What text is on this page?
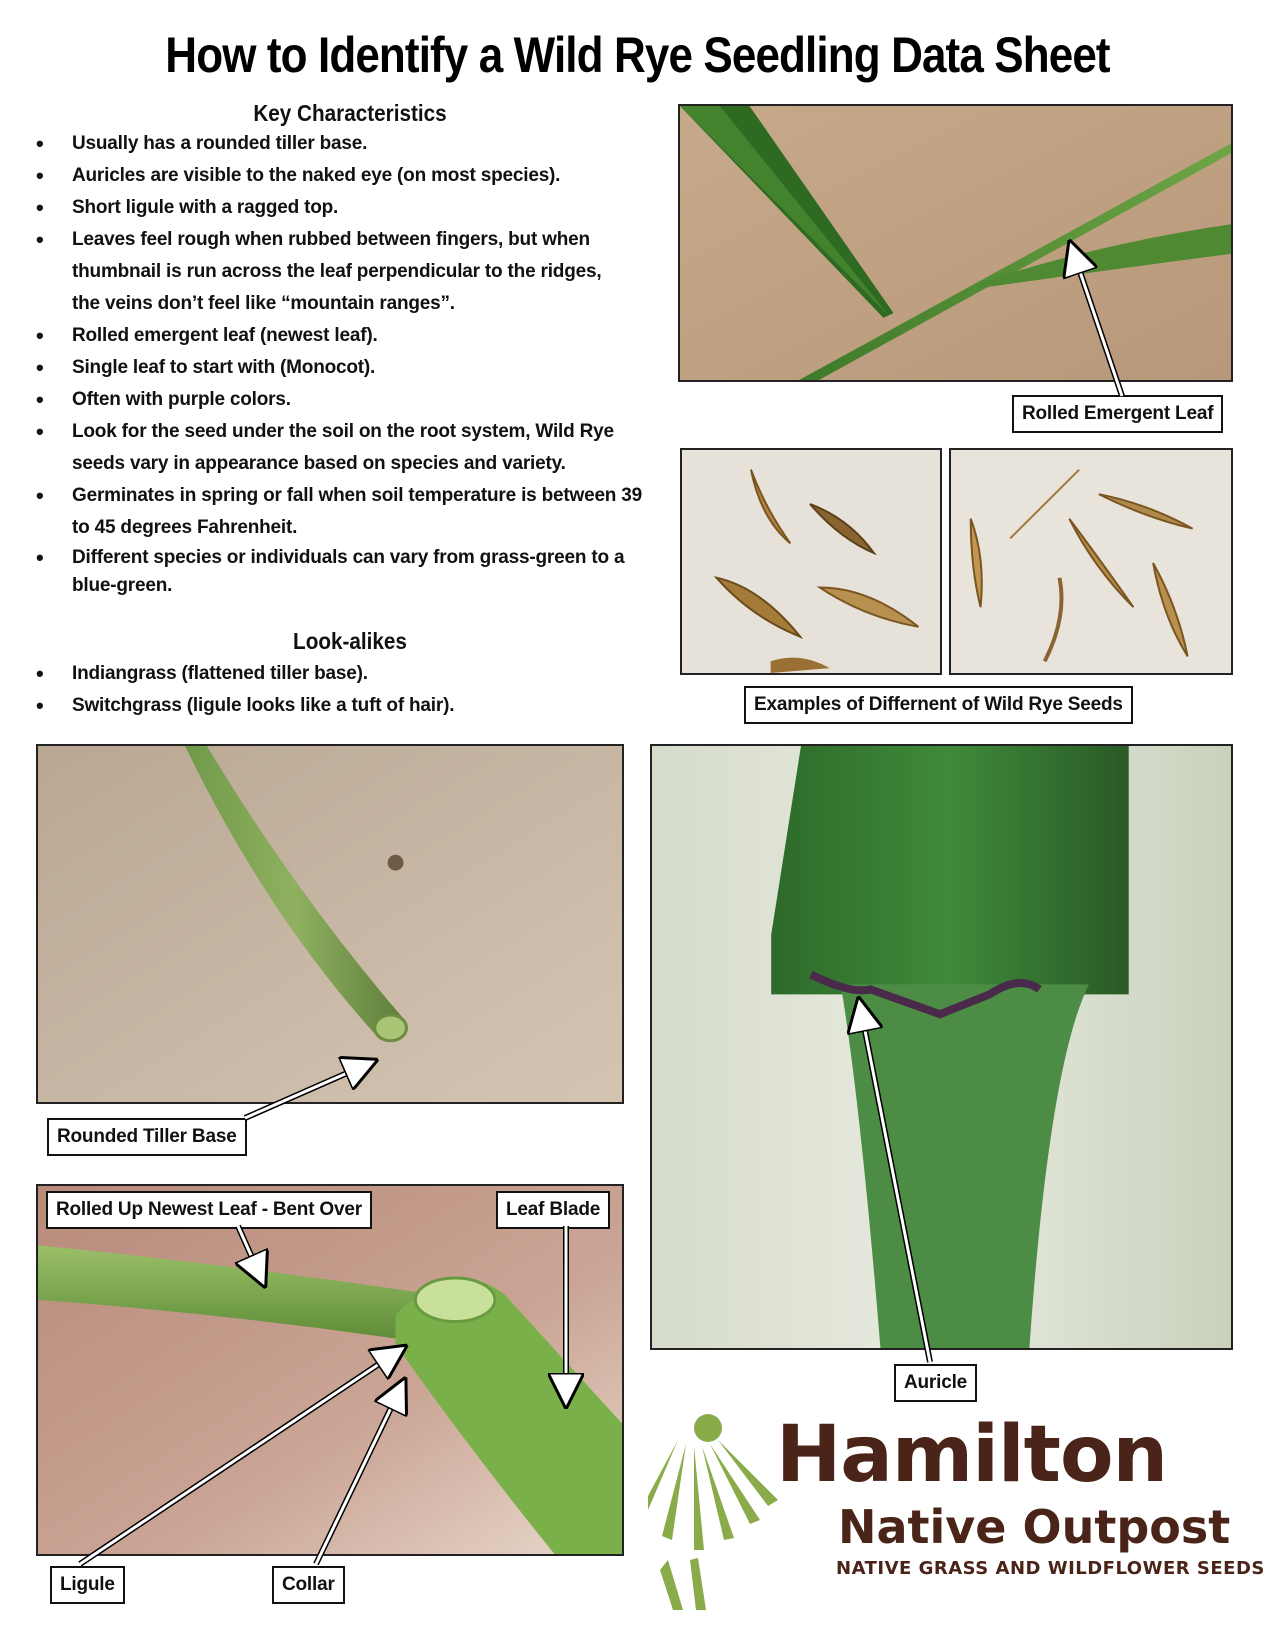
How to Identify a Wild Rye Seedling Data Sheet
Key Characteristics
• Usually has a rounded tiller base.
• Auricles are visible to the naked eye (on most species).
• Short ligule with a ragged top.
• Leaves feel rough when rubbed between fingers, but when thumbnail is run across the leaf perpendicular to the ridges, the veins don’t feel like “mountain ranges”.
• Rolled emergent leaf (newest leaf).
• Single leaf to start with (Monocot).
• Often with purple colors.
• Look for the seed under the soil on the root system, Wild Rye seeds vary in appearance based on species and variety.
• Germinates in spring or fall when soil temperature is between 39 to 45 degrees Fahrenheit.
• Different species or individuals can vary from grass-green to a blue-green.
Look-alikes
• Indiangrass (flattened tiller base).
• Switchgrass (ligule looks like a tuft of hair).
Rolled Emergent Leaf
Examples of Differnent of Wild Rye Seeds
Rounded Tiller Base
Rolled Up Newest Leaf - Bent Over	Leaf Blade
Ligule	Collar
Auricle
Hamilton
Native Outpost
NATIVE GRASS AND WILDFLOWER SEEDS
